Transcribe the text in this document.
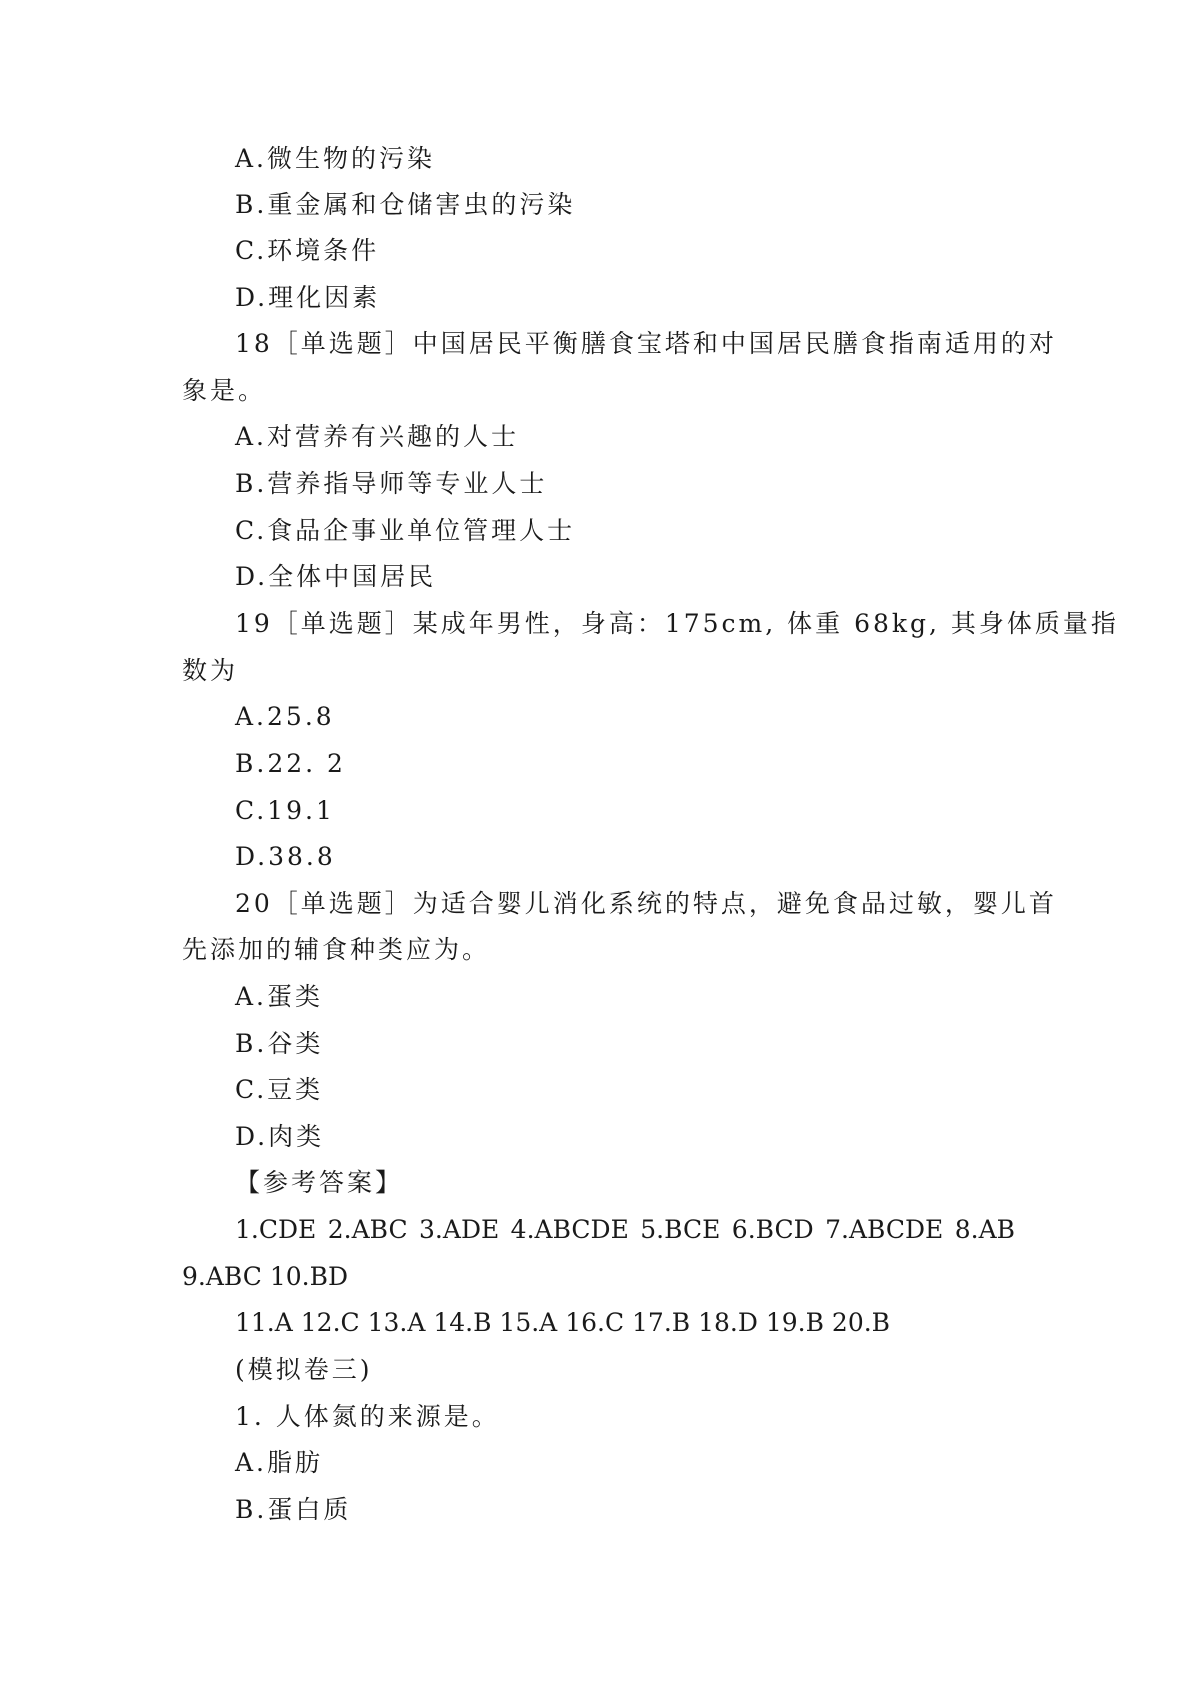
A.微生物的污染

B.重金属和仓储害虫的污染

C.环境条件

D.理化因素

18［单选题］中国居民平衡膳食宝塔和中国居民膳食指南适用的对

象是。

A.对营养有兴趣的人士

B.营养指导师等专业人士

C.食品企事业单位管理人士

D.全体中国居民

19［单选题］某成年男性，身高：175cm, 体重 68kg, 其身体质量指

数为

A.25.8

B.22. 2

C.19.1

D.38.8

20［单选题］为适合婴儿消化系统的特点，避免食品过敏，婴儿首

先添加的辅食种类应为。

A.蛋类

B.谷类

C.豆类

D.肉类

【参考答案】

1.CDE 2.ABC 3.ADE 4.ABCDE 5.BCE 6.BCD 7.ABCDE 8.AB

9.ABC 10.BD

11.A 12.C 13.A 14.B 15.A 16.C 17.B 18.D 19.B 20.B

(模拟卷三)

1. 人体氮的来源是。

A.脂肪

B.蛋白质
